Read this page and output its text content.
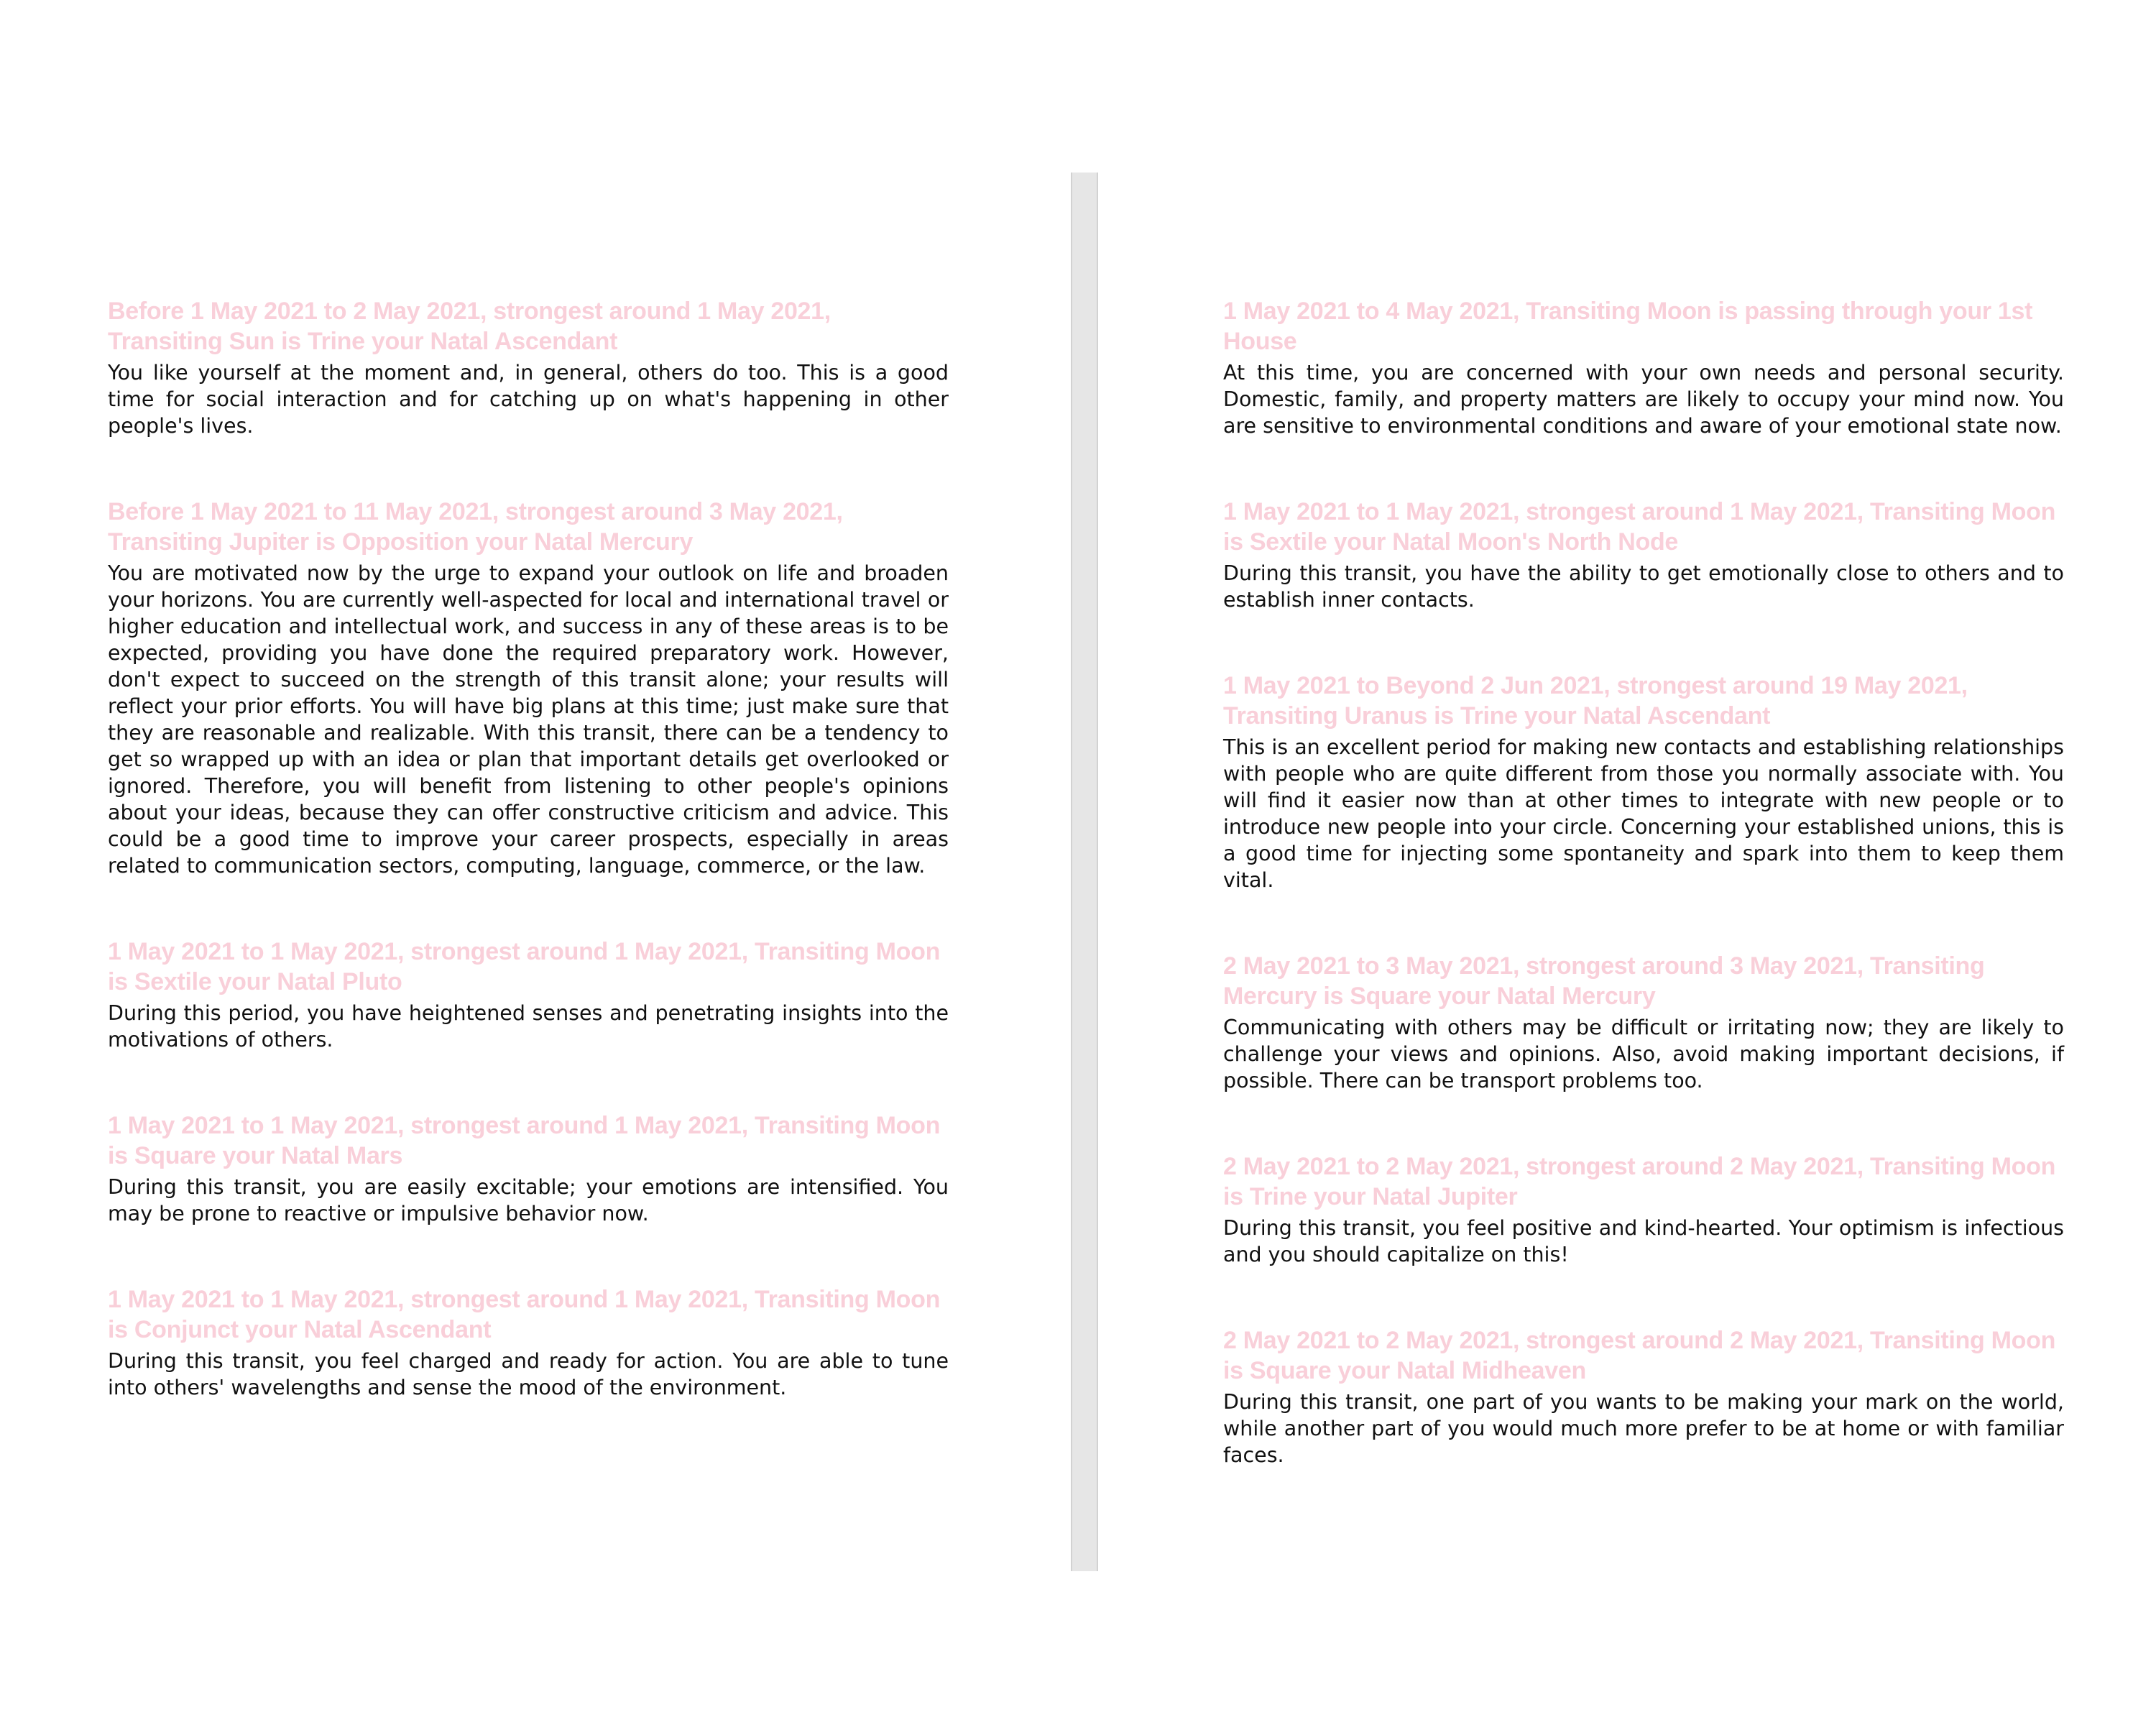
Before 1 May 2021 to 2 May 2021, strongest around 1 May 2021, Transiting Sun is Trine your Natal Ascendant

You like yourself at the moment and, in general, others do too. This is a good time for social interaction and for catching up on what's happening in other people's lives.

Before 1 May 2021 to 11 May 2021, strongest around 3 May 2021, Transiting Jupiter is Opposition your Natal Mercury

You are motivated now by the urge to expand your outlook on life and broaden your horizons. You are currently well-aspected for local and international travel or higher education and intellectual work, and success in any of these areas is to be expected, providing you have done the required preparatory work. However, don't expect to succeed on the strength of this transit alone; your results will reflect your prior efforts. You will have big plans at this time; just make sure that they are reasonable and realizable. With this transit, there can be a tendency to get so wrapped up with an idea or plan that important details get overlooked or ignored. Therefore, you will benefit from listening to other people's opinions about your ideas, because they can offer constructive criticism and advice. This could be a good time to improve your career prospects, especially in areas related to communication sectors, computing, language, commerce, or the law.

1 May 2021 to 1 May 2021, strongest around 1 May 2021, Transiting Moon is Sextile your Natal Pluto

During this period, you have heightened senses and penetrating insights into the motivations of others.

1 May 2021 to 1 May 2021, strongest around 1 May 2021, Transiting Moon is Square your Natal Mars

During this transit, you are easily excitable; your emotions are intensified. You may be prone to reactive or impulsive behavior now.

1 May 2021 to 1 May 2021, strongest around 1 May 2021, Transiting Moon is Conjunct your Natal Ascendant

During this transit, you feel charged and ready for action. You are able to tune into others' wavelengths and sense the mood of the environment.

1 May 2021 to 4 May 2021, Transiting Moon is passing through your 1st House

At this time, you are concerned with your own needs and personal security. Domestic, family, and property matters are likely to occupy your mind now. You are sensitive to environmental conditions and aware of your emotional state now.

1 May 2021 to 1 May 2021, strongest around 1 May 2021, Transiting Moon is Sextile your Natal Moon's North Node

During this transit, you have the ability to get emotionally close to others and to establish inner contacts.

1 May 2021 to Beyond 2 Jun 2021, strongest around 19 May 2021, Transiting Uranus is Trine your Natal Ascendant

This is an excellent period for making new contacts and establishing relationships with people who are quite different from those you normally associate with. You will find it easier now than at other times to integrate with new people or to introduce new people into your circle. Concerning your established unions, this is a good time for injecting some spontaneity and spark into them to keep them vital.

2 May 2021 to 3 May 2021, strongest around 3 May 2021, Transiting Mercury is Square your Natal Mercury

Communicating with others may be difficult or irritating now; they are likely to challenge your views and opinions. Also, avoid making important decisions, if possible. There can be transport problems too.

2 May 2021 to 2 May 2021, strongest around 2 May 2021, Transiting Moon is Trine your Natal Jupiter

During this transit, you feel positive and kind-hearted. Your optimism is infectious and you should capitalize on this!

2 May 2021 to 2 May 2021, strongest around 2 May 2021, Transiting Moon is Square your Natal Midheaven

During this transit, one part of you wants to be making your mark on the world, while another part of you would much more prefer to be at home or with familiar faces.
